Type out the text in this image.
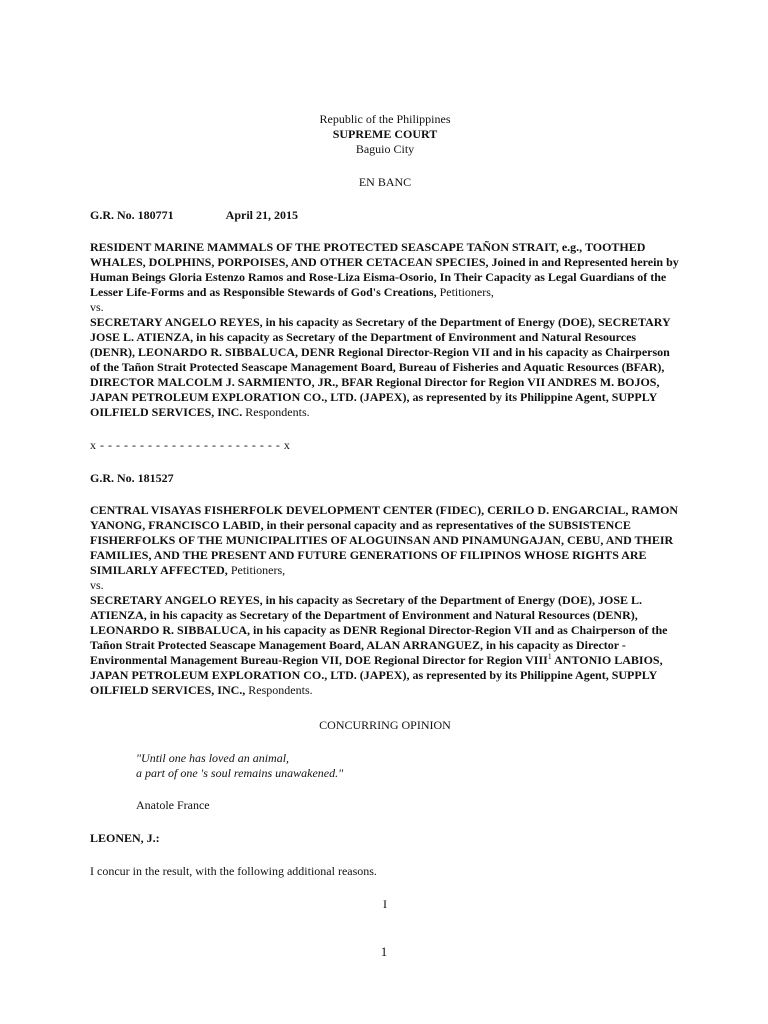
Republic of the Philippines
SUPREME COURT
Baguio City
EN BANC
G.R. No. 180771	April 21, 2015

RESIDENT MARINE MAMMALS OF THE PROTECTED SEASCAPE TAÑON STRAIT, e.g., TOOTHED WHALES, DOLPHINS, PORPOISES, AND OTHER CETACEAN SPECIES, Joined in and Represented herein by Human Beings Gloria Estenzo Ramos and Rose-Liza Eisma-Osorio, In Their Capacity as Legal Guardians of the Lesser Life-Forms and as Responsible Stewards of God's Creations, Petitioners,

vs.

SECRETARY ANGELO REYES, in his capacity as Secretary of the Department of Energy (DOE), SECRETARY JOSE L. ATIENZA, in his capacity as Secretary of the Department of Environment and Natural Resources (DENR), LEONARDO R. SIBBALUCA, DENR Regional Director-Region VII and in his capacity as Chairperson of the Tañon Strait Protected Seascape Management Board, Bureau of Fisheries and Aquatic Resources (BFAR), DIRECTOR MALCOLM J. SARMIENTO, JR., BFAR Regional Director for Region VII ANDRES M. BOJOS, JAPAN PETROLEUM EXPLORATION CO., LTD. (JAPEX), as represented by its Philippine Agent, SUPPLY OILFIELD SERVICES, INC. Respondents.

x - - - - - - - - - - - - - - - - - - - - - - - x
G.R. No. 181527

CENTRAL VISAYAS FISHERFOLK DEVELOPMENT CENTER (FIDEC), CERILO D. ENGARCIAL, RAMON YANONG, FRANCISCO LABID, in their personal capacity and as representatives of the SUBSISTENCE FISHERFOLKS OF THE MUNICIPALITIES OF ALOGUINSAN AND PINAMUNGAJAN, CEBU, AND THEIR FAMILIES, AND THE PRESENT AND FUTURE GENERATIONS OF FILIPINOS WHOSE RIGHTS ARE SIMILARLY AFFECTED, Petitioners,

vs.

SECRETARY ANGELO REYES, in his capacity as Secretary of the Department of Energy (DOE), JOSE L. ATIENZA, in his capacity as Secretary of the Department of Environment and Natural Resources (DENR), LEONARDO R. SIBBALUCA, in his capacity as DENR Regional Director-Region VII and as Chairperson of the Tañon Strait Protected Seascape Management Board, ALAN ARRANGUEZ, in his capacity as Director - Environmental Management Bureau-Region VII, DOE Regional Director for Region VIII$^1$ ANTONIO LABIOS, JAPAN PETROLEUM EXPLORATION CO., LTD. (JAPEX), as represented by its Philippine Agent, SUPPLY OILFIELD SERVICES, INC., Respondents.

CONCURRING OPINION
"Until one has loved an animal,
a part of one 's soul remains unawakened."
Anatole France
LEONEN, J.:
I concur in the result, with the following additional reasons.
I
1
